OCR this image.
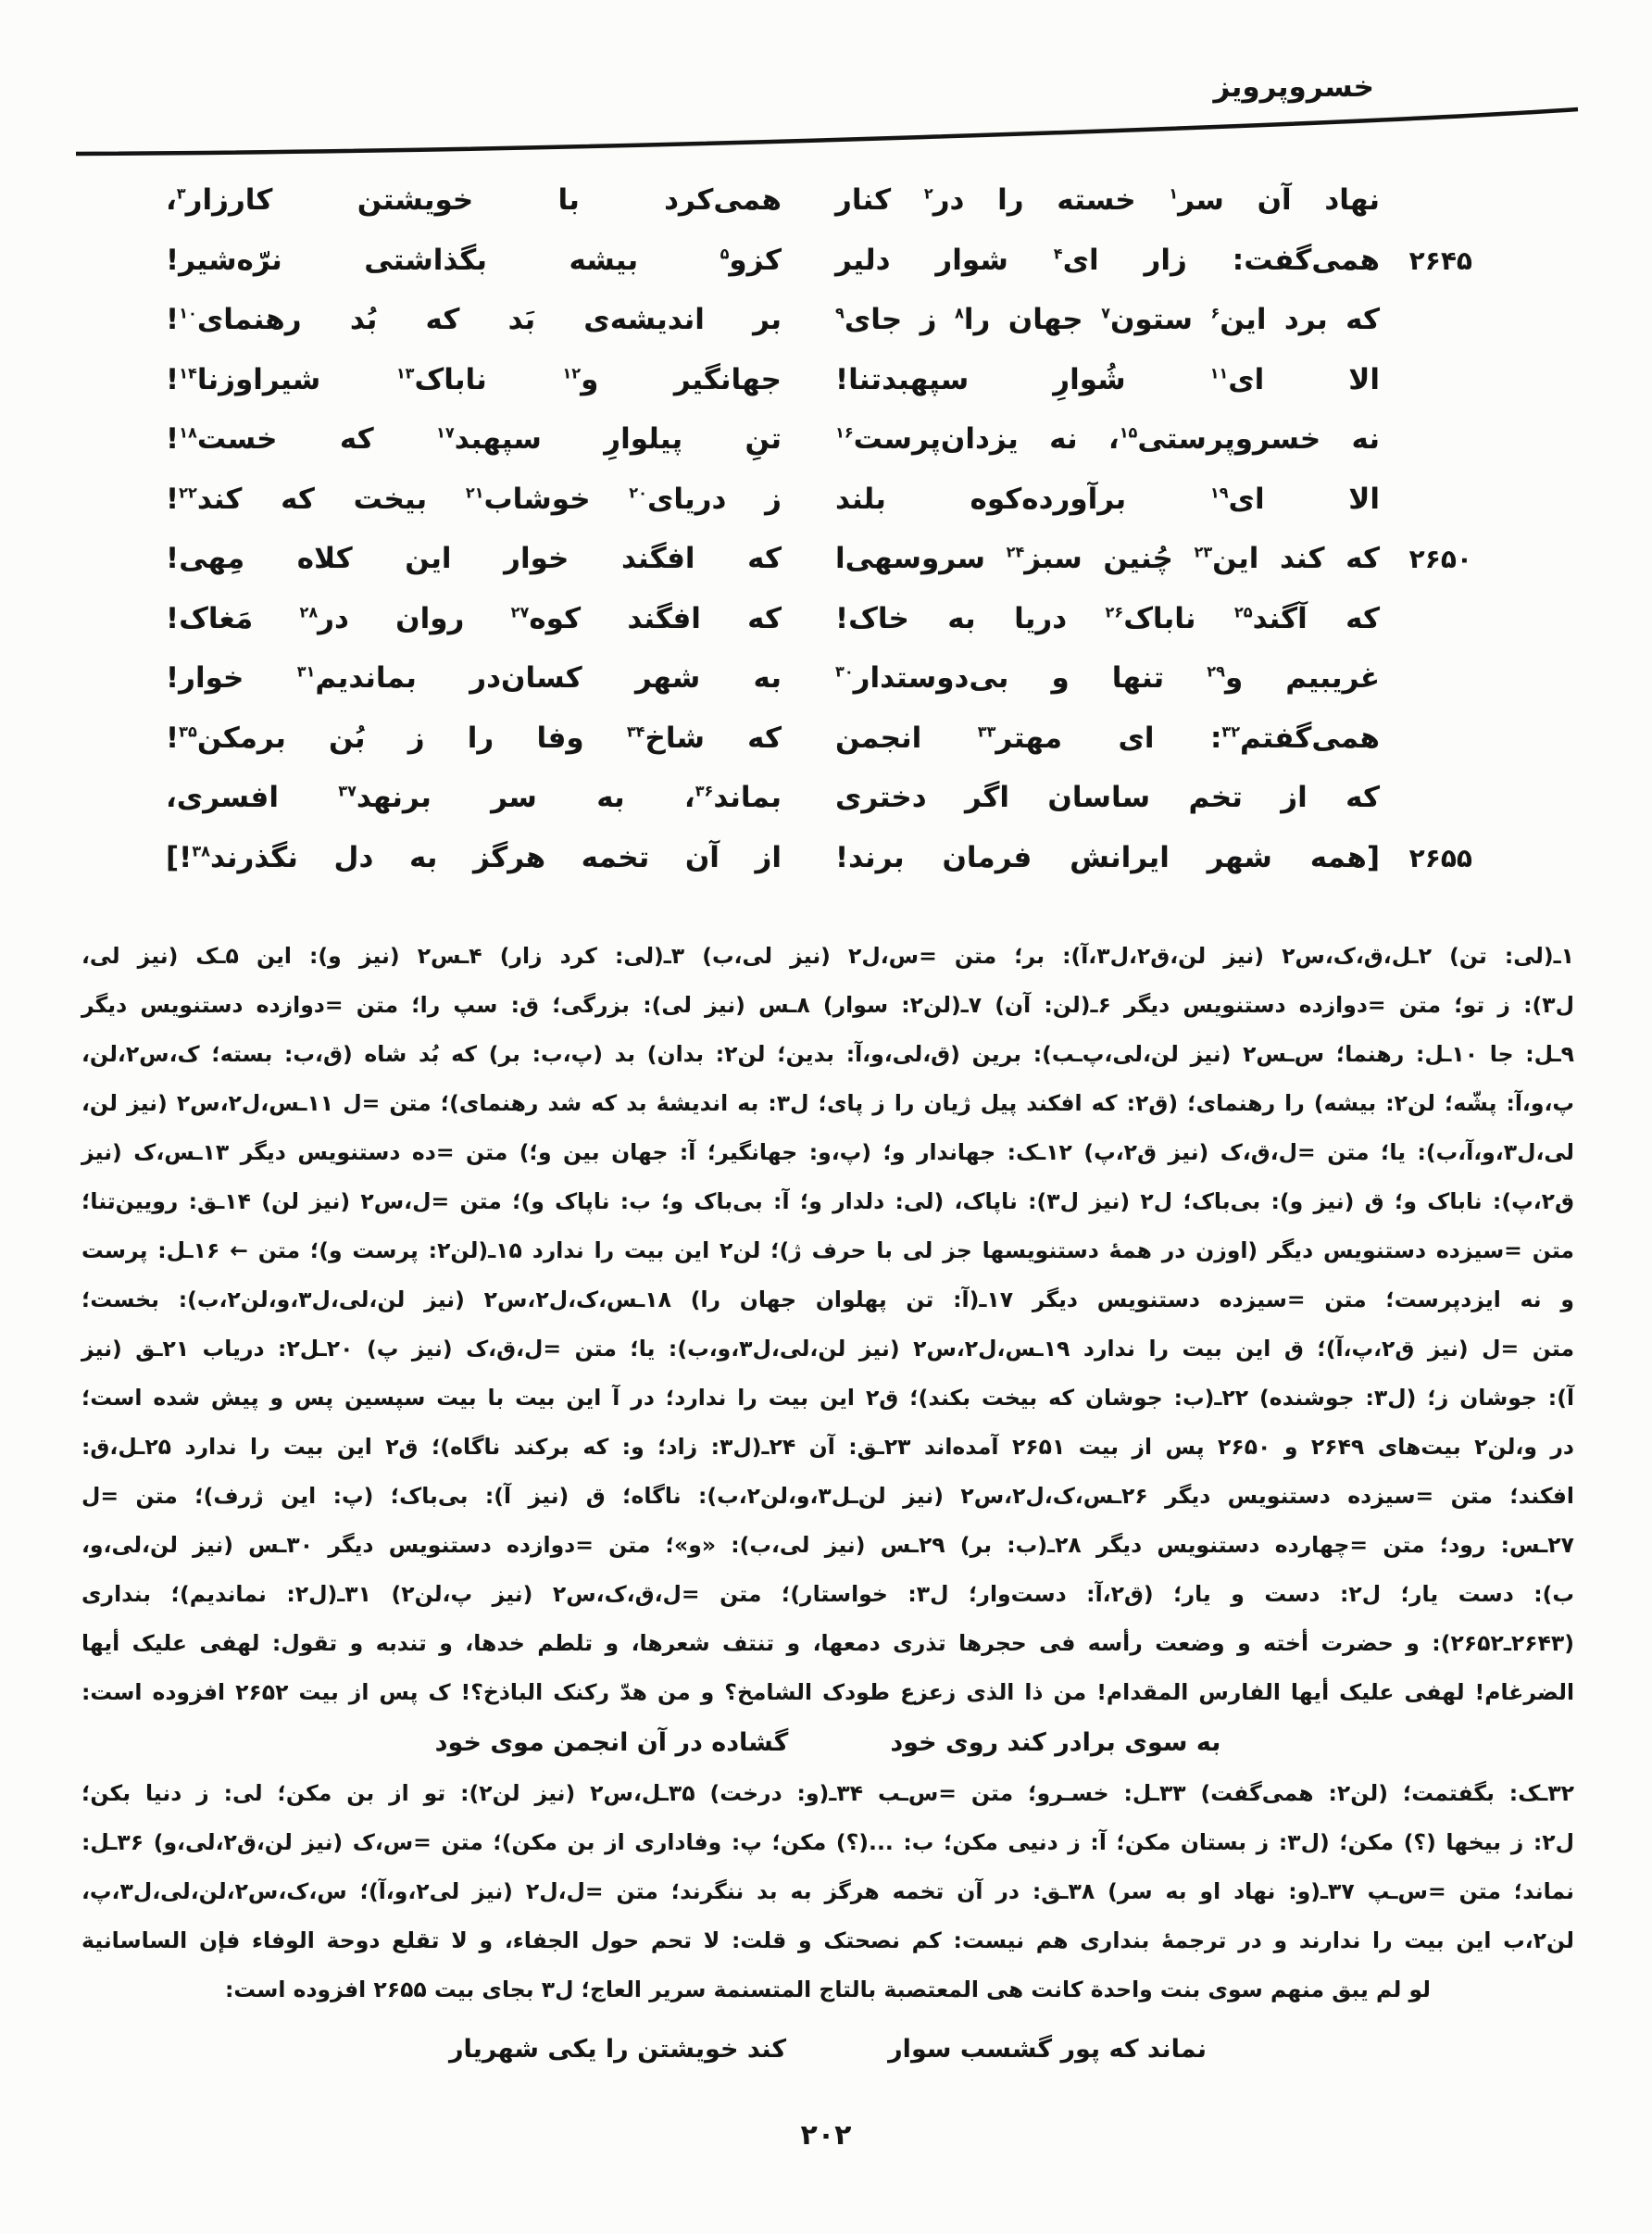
خسروپرویز
نهاد آن سر$^۱$ خسته را در$^۲$ کنار
همی‌کرد با خویشتن کارزار$^۳$،
۲۶۴۵
همی‌گفت: زار ای$^۴$ شوار دلیر
کزو$^۵$ بیشه بگذاشتی نرّه‌شیر!
که برد این$^۶$ ستون$^۷$ جهان را$^۸$ ز جای$^۹$
بر اندیشه‌ی بَد که بُد رهنمای$^{۱۰}$!
الا ای$^{۱۱}$ شُوارِ سپهبدتنا!
جهانگیر و$^{۱۲}$ ناباک$^{۱۳}$ شیراوزنا$^{۱۴}$!
نه خسروپرستی$^{۱۵}$، نه یزدان‌پرست$^{۱۶}$
تنِ پیلوارِ سپهبد$^{۱۷}$ که خست$^{۱۸}$!
الا ای$^{۱۹}$ برآورده‌کوه بلند
ز دریای$^{۲۰}$ خوشاب$^{۲۱}$ بیخت که کند$^{۲۲}$!
۲۶۵۰
که کند این$^{۲۳}$ چُنین سبز$^{۲۴}$ سروسهی‌ا
که افگند خوار این کلاه مِهی!
که آگند$^{۲۵}$ ناباک$^{۲۶}$ دریا به خاک!
که افگند کوه$^{۲۷}$ روان در$^{۲۸}$ مَغاک!
غریبیم و$^{۲۹}$ تنها و بی‌دوستدار$^{۳۰}$
به شهر کسان‌در بماندیم$^{۳۱}$ خوار!
همی‌گفتم$^{۳۲}$: ای مهتر$^{۳۳}$ انجمن
که شاخ$^{۳۴}$ وفا را ز بُن برمکن$^{۳۵}$!
که از تخم ساسان اگر دختری
بماند$^{۳۶}$، به سر برنهد$^{۳۷}$ افسری،
۲۶۵۵
[همه شهر ایرانش فرمان برند!
از آن تخمه هرگز به دل نگذرند$^{۳۸}$!]
۱ـ(لی: تن) ۲ـل،ق،ک،س۲ (نیز لن،ق۲،ل۳،آ): بر؛ متن =س،ل۲ (نیز لی،ب) ۳ـ(لی: کرد زار) ۴ـس۲ (نیز و): این ۵ـک (نیز لی،
ل۳): ز تو؛ متن =دوازده دستنویس دیگر ۶ـ(لن: آن) ۷ـ(لن۲: سوار) ۸ـس (نیز لی): بزرگی؛ ق: سپ را؛ متن =دوازده دستنویس دیگر
۹ـل: جا ۱۰ـل: رهنما؛ س‌ـس۲ (نیز لن،لی،پ‌ـب): برین (ق،لی،و،آ: بدین؛ لن۲: بدان) بد (پ،ب: بر) که بُد شاه (ق،ب: بسته؛ ک،س۲،لن،
پ،و،آ: پشّه؛ لن۲: بیشه) را رهنمای؛ (ق۲: که افکند پیل ژیان را ز پای؛ ل۳: به اندیشهٔ بد که شد رهنمای)؛ متن =ل ۱۱ـس،ل۲،س۲ (نیز لن،
لی،ل۳،و،آ،ب): یا؛ متن =ل،ق،ک (نیز ق۲،پ) ۱۲ـک: جهاندار و؛ (پ،و: جهانگیر؛ آ: جهان بین و؛) متن =ده دستنویس دیگر ۱۳ـس،ک (نیز
ق۲،پ): ناباک و؛ ق (نیز و): بی‌باک؛ ل۲ (نیز ل۳): ناپاک، (لی: دلدار و؛ آ: بی‌باک و؛ ب: ناپاک و)؛ متن =ل،س۲ (نیز لن) ۱۴ـق: رویین‌تنا؛
متن =سیزده دستنویس دیگر (اوزن در همهٔ دستنویسها جز لی با حرف ژ)؛ لن۲ این بیت را ندارد ۱۵ـ(لن۲: پرست و)؛ متن ← ۱۶ـل: پرست
و نه ایزدپرست؛ متن =سیزده دستنویس دیگر ۱۷ـ(آ: تن پهلوان جهان را) ۱۸ـس،ک،ل۲،س۲ (نیز لن،لی،ل۳،و،لن۲،ب): بخست؛
متن =ل (نیز ق۲،پ،آ)؛ ق این بیت را ندارد ۱۹ـس،ل۲،س۲ (نیز لن،لی،ل۳،و،ب): یا؛ متن =ل،ق،ک (نیز پ) ۲۰ـل۲: دریاب ۲۱ـق (نیز
آ): جوشان ز؛ (ل۳: جوشنده) ۲۲ـ(ب: جوشان که بیخت بکند)؛ ق۲ این بیت را ندارد؛ در آ این بیت با بیت سپسین پس و پیش شده است؛
در و،لن۲ بیت‌های ۲۶۴۹ و ۲۶۵۰ پس از بیت ۲۶۵۱ آمده‌اند ۲۳ـق: آن ۲۴ـ(ل۳: زاد؛ و: که برکند ناگاه)؛ ق۲ این بیت را ندارد ۲۵ـل،ق:
افکند؛ متن =سیزده دستنویس دیگر ۲۶ـس،ک،ل۲،س۲ (نیز لن‌ـل۳،و،لن۲،ب): ناگاه؛ ق (نیز آ): بی‌باک؛ (پ: این ژرف)؛ متن =ل
۲۷ـس: رود؛ متن =چهارده دستنویس دیگر ۲۸ـ(ب: بر) ۲۹ـس (نیز لی،ب): «و»؛ متن =دوازده دستنویس دیگر ۳۰ـس (نیز لن،لی،و،
ب): دست یار؛ ل۲: دست و یار؛ (ق۲،آ: دست‌وار؛ ل۳: خواستار)؛ متن =ل،ق،ک،س۲ (نیز پ،لن۲) ۳۱ـ(ل۲: نماندیم)؛ بنداری
(۲۶۴۳ـ۲۶۵۲): و حضرت أخته و وضعت رأسه فی حجرها تذری دمعها، و تنتف شعرها، و تلطم خدها، و تندبه و تقول: لهفی علیک أیها
الضرغام! لهفی علیک أیها الفارس المقدام! من ذا الذی زعزع طودک الشامخ؟ و من هدّ رکنک الباذخ؟! ک پس از بیت ۲۶۵۲ افزوده است:
به سوی برادر کند روی خود
گشاده در آن انجمن موی خود
۳۲ـک: بگفتمت؛ (لن۲: همی‌گفت) ۳۳ـل: خسـرو؛ متن =س‌ـب ۳۴ـ(و: درخت) ۳۵ـل،س۲ (نیز لن۲): تو از بن مکن؛ لی: ز دنیا بکن؛
ل۲: ز بیخها (؟) مکن؛ (ل۳: ز بستان مکن؛ آ: ز دنیی مکن؛ ب: ...(؟) مکن؛ پ: وفاداری از بن مکن)؛ متن =س،ک (نیز لن،ق۲،لی،و) ۳۶ـل:
نماند؛ متن =س‌ـپ ۳۷ـ(و: نهاد او به سر) ۳۸ـق: در آن تخمه هرگز به بد ننگرند؛ متن =ل،ل۲ (نیز لی۲،و،آ)؛ س،ک،س۲،لن،لی،ل۳،پ،
لن۲،ب این بیت را ندارند و در ترجمهٔ بنداری هم نیست: کم نصحتک و قلت: لا تحم حول الجفاء، و لا تقلع دوحة الوفاء فإن الساسانیة
لو لم یبق منهم سوی بنت واحدة کانت هی المعتصبة بالتاج المتسنمة سریر العاج؛ ل۳ بجای بیت ۲۶۵۵ افزوده است:
نماند که پور گشسب سوار
کند خویشتن را یکی شهریار
۲۰۲
